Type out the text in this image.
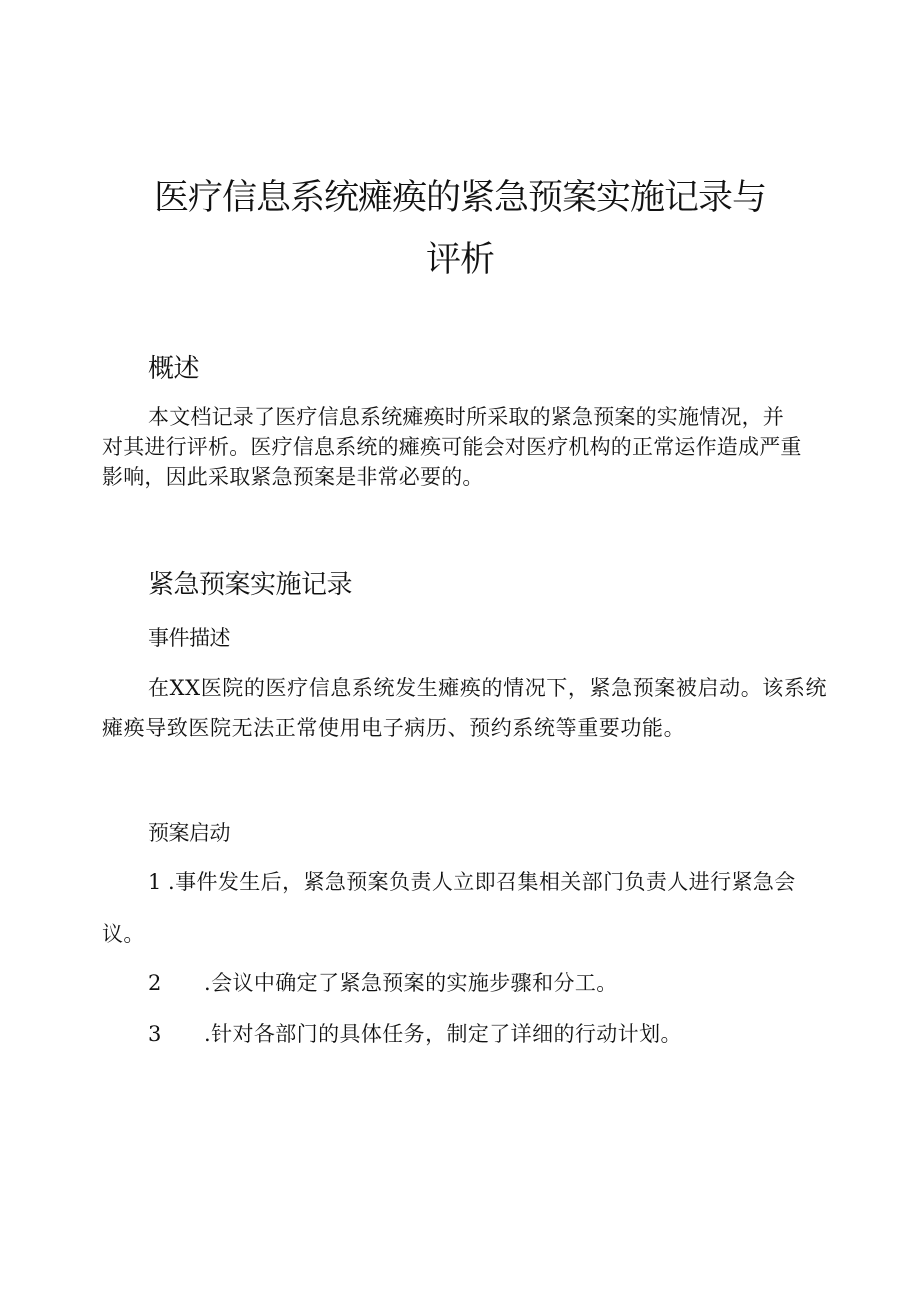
医疗信息系统瘫痪的紧急预案实施记录与
评析
概述

本文档记录了医疗信息系统瘫痪时所采取的紧急预案的实施情况，并对其进行评析。医疗信息系统的瘫痪可能会对医疗机构的正常运作造成严重影响，因此采取紧急预案是非常必要的。

紧急预案实施记录
事件描述

在XX医院的医疗信息系统发生瘫痪的情况下，紧急预案被启动。该系统瘫痪导致医院无法正常使用电子病历、预约系统等重要功能。

预案启动

1 .事件发生后，紧急预案负责人立即召集相关部门负责人进行紧急会议。

2 .会议中确定了紧急预案的实施步骤和分工。

3 .针对各部门的具体任务，制定了详细的行动计划。
